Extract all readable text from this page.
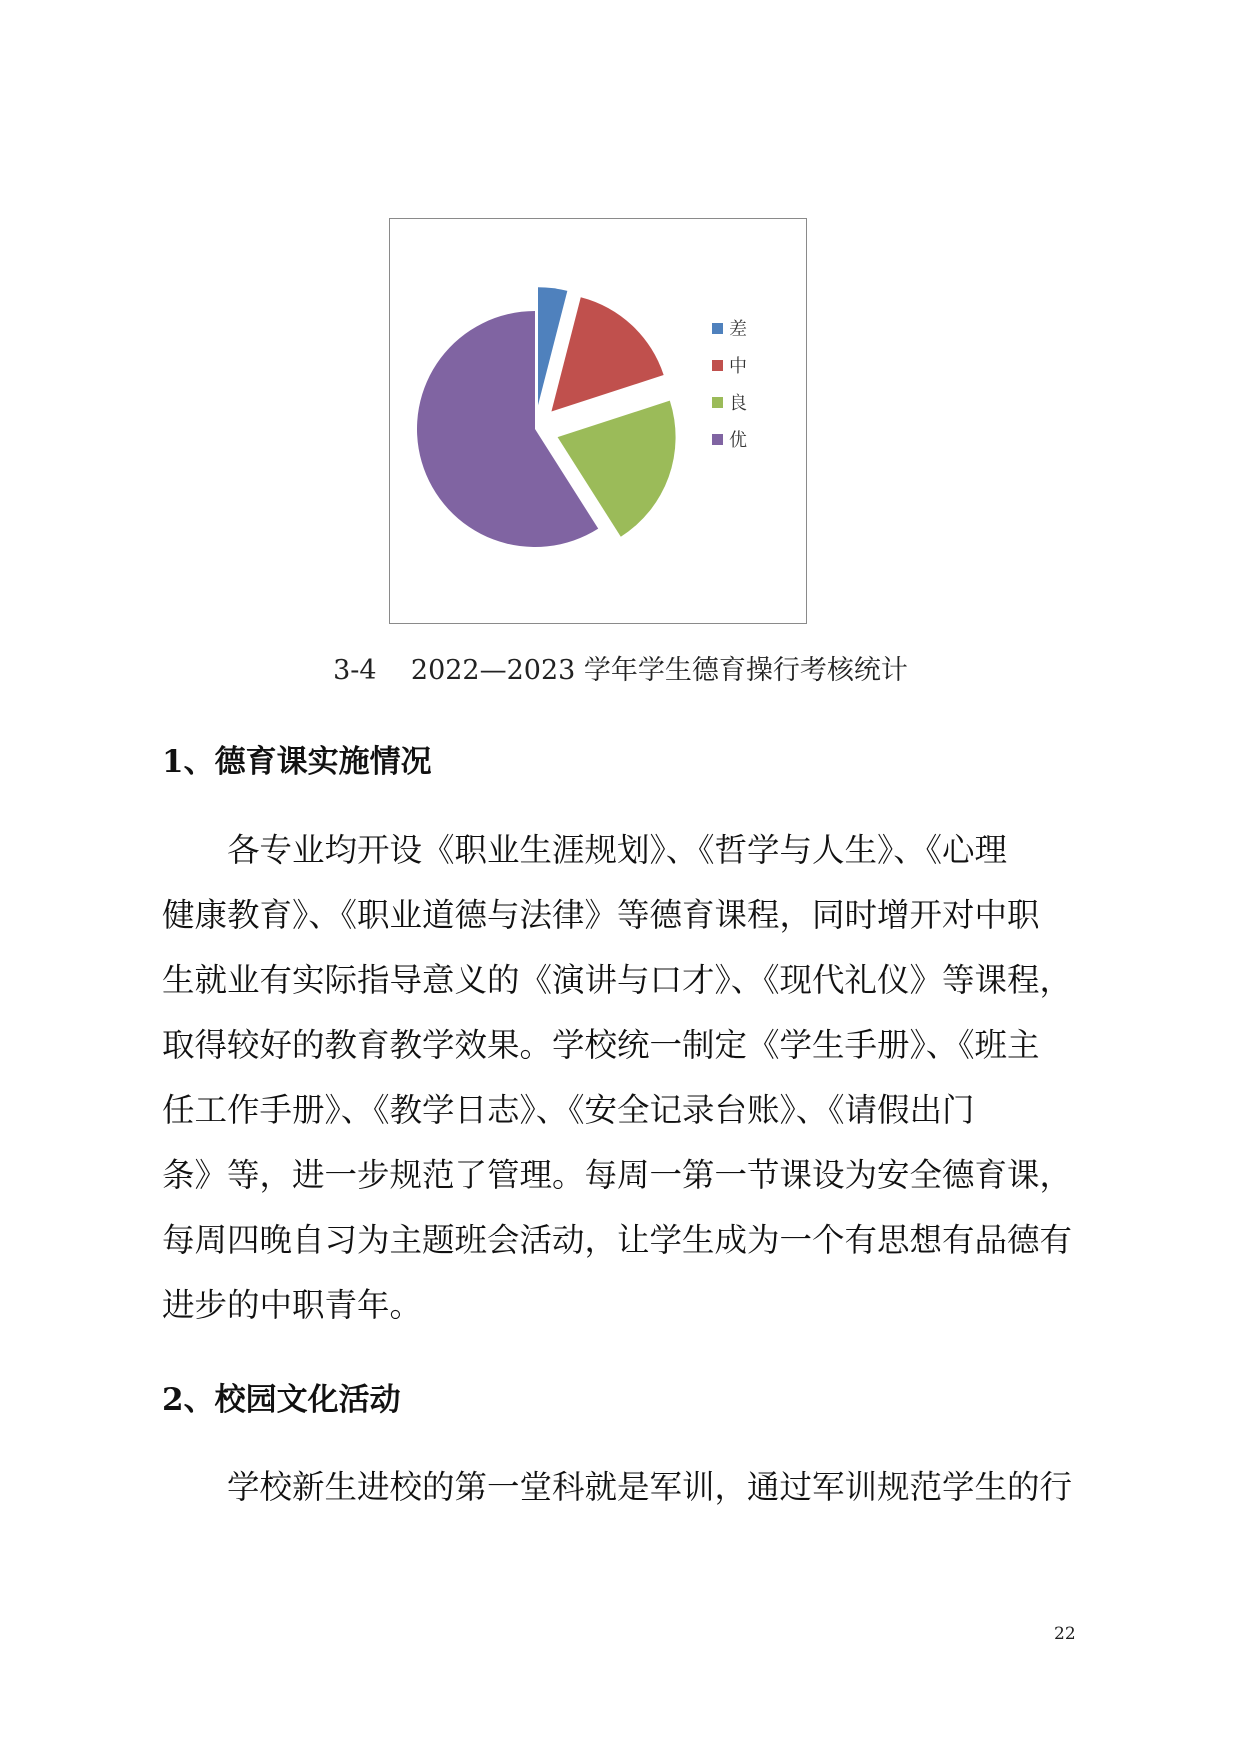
差
中
良
优
3-4    2022—2023 学年学生德育操行考核统计
1、德育课实施情况
各专业均开设《职业生涯规划》、《哲学与人生》、《心理
健康教育》、《职业道德与法律》等德育课程，同时增开对中职
生就业有实际指导意义的《演讲与口才》、《现代礼仪》等课程，
取得较好的教育教学效果。学校统一制定《学生手册》、《班主
任工作手册》、《教学日志》、《安全记录台账》、《请假出门
条》等，进一步规范了管理。每周一第一节课设为安全德育课，
每周四晚自习为主题班会活动，让学生成为一个有思想有品德有
进步的中职青年。
2、校园文化活动
学校新生进校的第一堂科就是军训，通过军训规范学生的行
22
